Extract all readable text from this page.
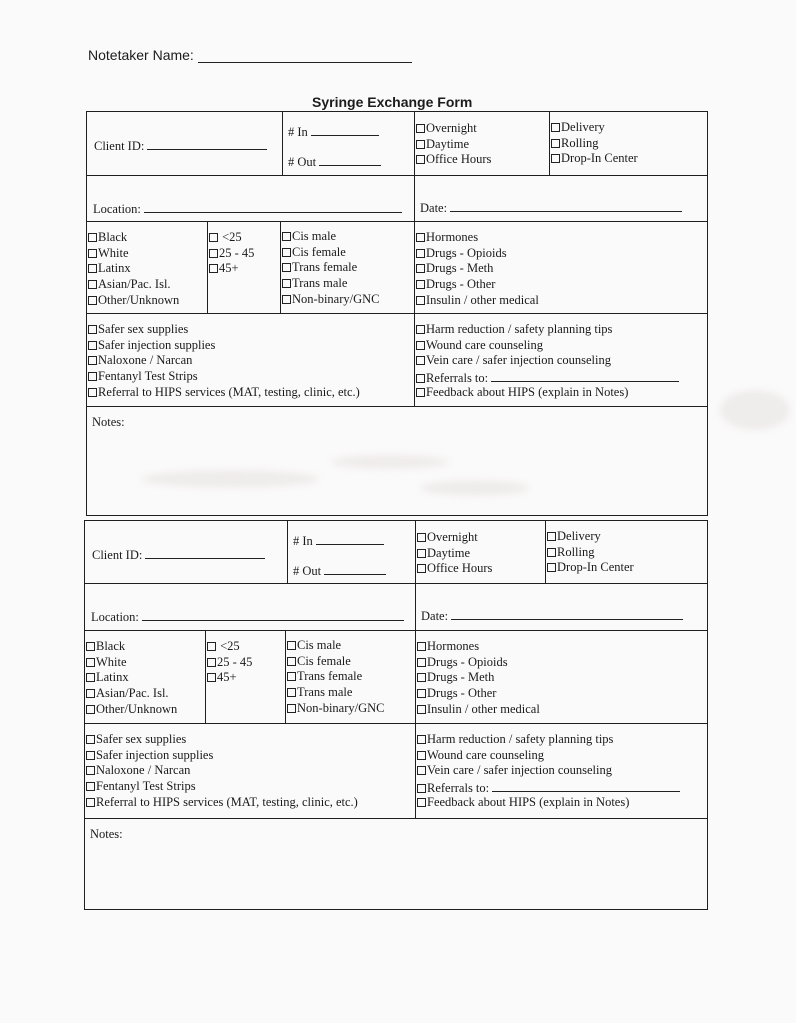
Notetaker Name:
Syringe Exchange Form
Client ID:
# In
# Out
Overnight
Daytime
Office Hours
Delivery
Rolling
Drop-In Center
Location:	Date:
Black
White
Latinx
Asian/Pac. Isl.
Other/Unknown
<25
25 - 45
45+
Cis male
Cis female
Trans female
Trans male
Non-binary/GNC
Hormones
Drugs - Opioids
Drugs - Meth
Drugs - Other
Insulin / other medical
Safer sex supplies
Safer injection supplies
Naloxone / Narcan
Fentanyl Test Strips
Referral to HIPS services (MAT, testing, clinic, etc.)
Harm reduction / safety planning tips
Wound care counseling
Vein care / safer injection counseling
Referrals to:
Feedback about HIPS (explain in Notes)
Notes:
Client ID:
# In
# Out
Overnight
Daytime
Office Hours
Delivery
Rolling
Drop-In Center
Location:	Date:
Black
White
Latinx
Asian/Pac. Isl.
Other/Unknown
<25
25 - 45
45+
Cis male
Cis female
Trans female
Trans male
Non-binary/GNC
Hormones
Drugs - Opioids
Drugs - Meth
Drugs - Other
Insulin / other medical
Safer sex supplies
Safer injection supplies
Naloxone / Narcan
Fentanyl Test Strips
Referral to HIPS services (MAT, testing, clinic, etc.)
Harm reduction / safety planning tips
Wound care counseling
Vein care / safer injection counseling
Referrals to:
Feedback about HIPS (explain in Notes)
Notes:
